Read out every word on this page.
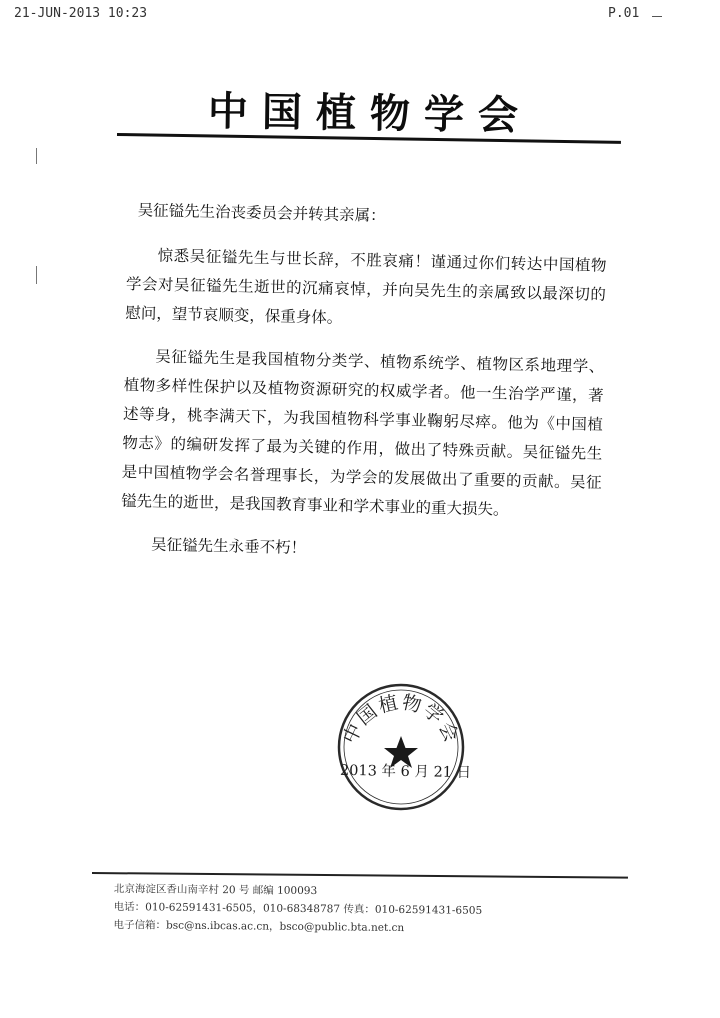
21-JUN-2013 10:23	P.01
中国植物学会

吴征镒先生治丧委员会并转其亲属：

惊悉吴征镒先生与世长辞，不胜哀痛！谨通过你们转达中国植物学会对吴征镒先生逝世的沉痛哀悼，并向吴先生的亲属致以最深切的慰问，望节哀顺变，保重身体。

吴征镒先生是我国植物分类学、植物系统学、植物区系地理学、植物多样性保护以及植物资源研究的权威学者。他一生治学严谨，著述等身，桃李满天下，为我国植物科学事业鞠躬尽瘁。他为《中国植物志》的编研发挥了最为关键的作用，做出了特殊贡献。吴征镒先生是中国植物学会名誉理事长，为学会的发展做出了重要的贡献。吴征镒先生的逝世，是我国教育事业和学术事业的重大损失。

吴征镒先生永垂不朽！

中国植物学会
2013 年 6 月 21 日
北京海淀区香山南辛村 20 号 邮编 100093
电话：010-62591431-6505，010-68348787 传真：010-62591431-6505
电子信箱：bsc@ns.ibcas.ac.cn，bsco@public.bta.net.cn
